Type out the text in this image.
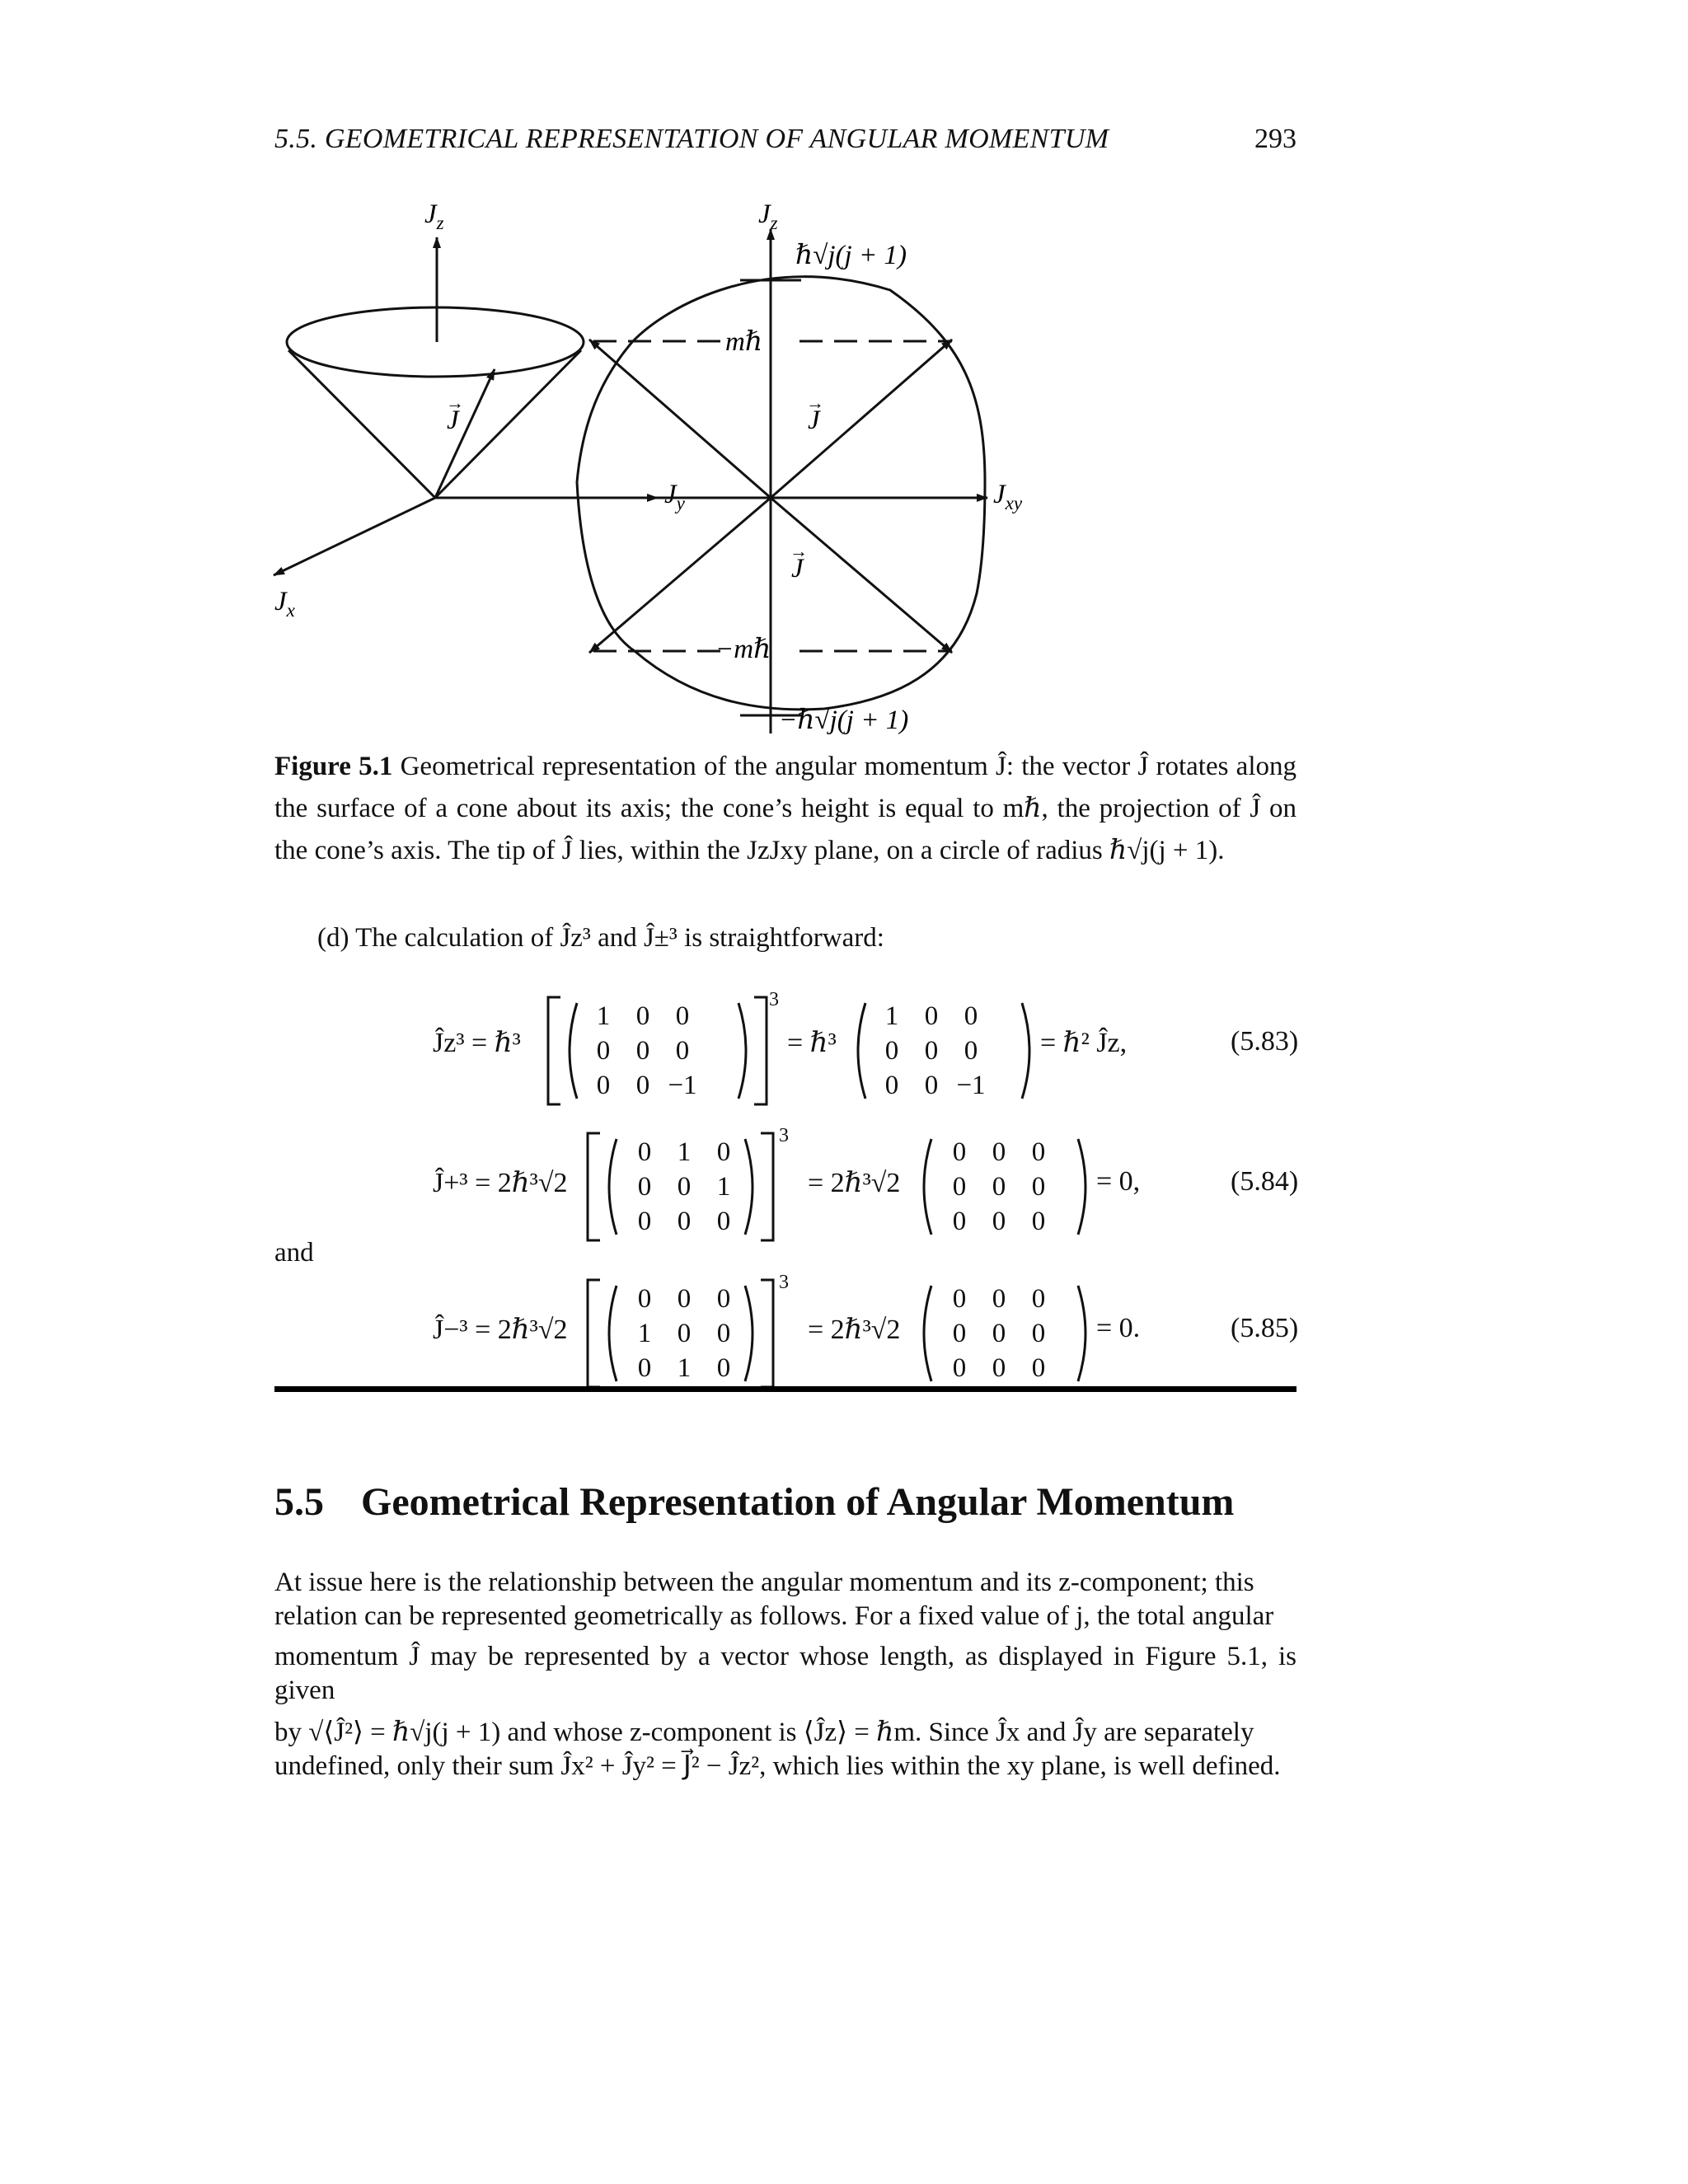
5.5. GEOMETRICAL REPRESENTATION OF ANGULAR MOMENTUM	293
$J_z$
J
→
$J_y$
$J_x$
$J_z$
ℏ√j(j + 1)
mℏ
J
→
$J_{xy}$
J
→
−mℏ
−ℏ√j(j + 1)
Figure 5.1 Geometrical representation of the angular momentum Ĵ: the vector Ĵ rotates along the surface of a cone about its axis; the cone’s height is equal to mℏ, the projection of Ĵ on the cone’s axis. The tip of Ĵ lies, within the JzJxy plane, on a circle of radius ℏ√j(j + 1).
(d) The calculation of Ĵz³ and Ĵ±³ is straightforward:
Ĵz³ = ℏ³
3
1 0 0
0 0 0
0 0 −1
= ℏ³
1 0 0
0 0 0
0 0 −1
= ℏ² Ĵz,	(5.83)
Ĵ+³ = 2ℏ³√2
3
0 1 0
0 0 1
0 0 0
= 2ℏ³√2
0 0 0
0 0 0
0 0 0
= 0,	(5.84)
and
Ĵ−³ = 2ℏ³√2
3
0 0 0
1 0 0
0 1 0
= 2ℏ³√2
0 0 0
0 0 0
0 0 0
= 0.	(5.85)
5.5 Geometrical Representation of Angular Momentum
At issue here is the relationship between the angular momentum and its z-component; this
relation can be represented geometrically as follows. For a fixed value of j, the total angular
momentum Ĵ may be represented by a vector whose length, as displayed in Figure 5.1, is given
by √⟨Ĵ²⟩ = ℏ√j(j + 1) and whose z-component is ⟨Ĵz⟩ = ℏm. Since Ĵx and Ĵy are separately
undefined, only their sum Ĵx² + Ĵy² = J⃗² − Ĵz², which lies within the xy plane, is well defined.
